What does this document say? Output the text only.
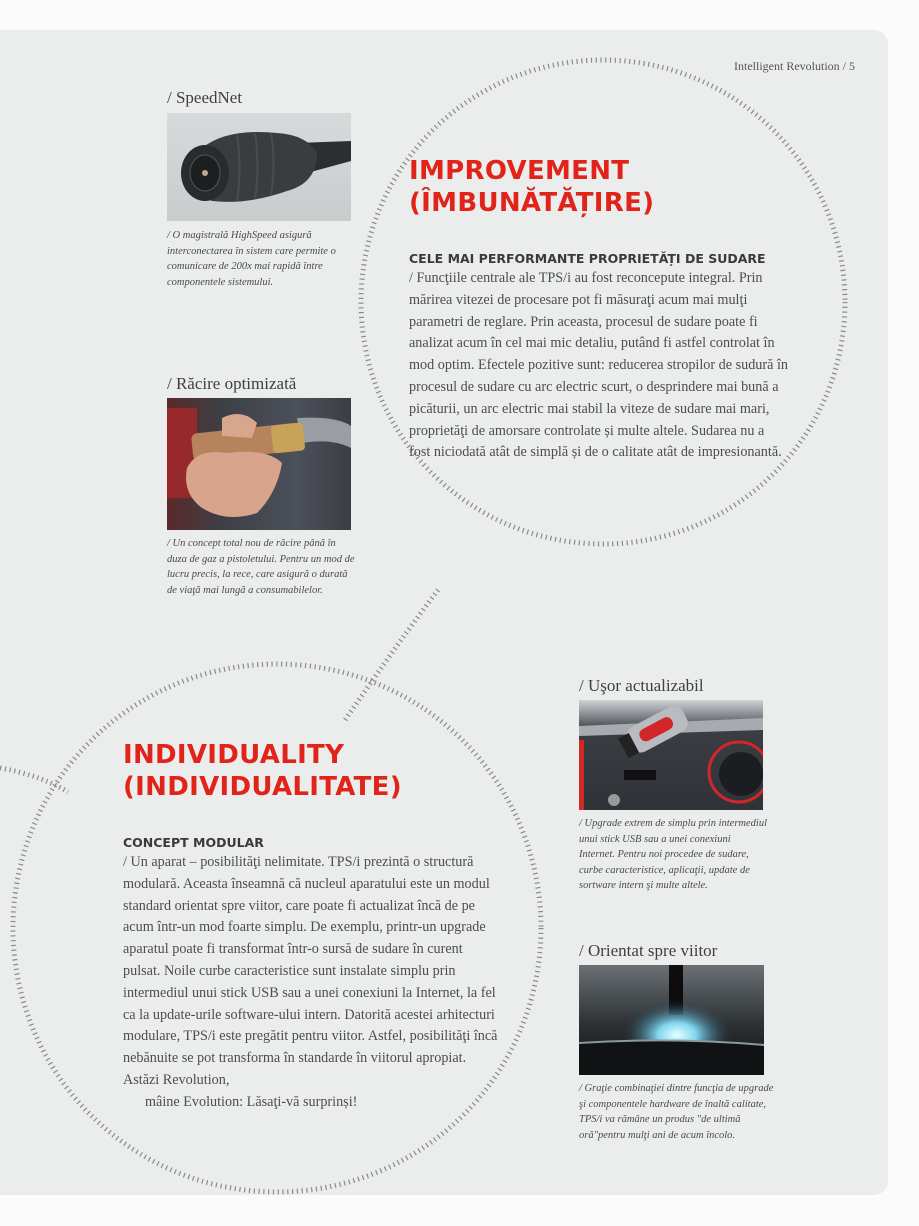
Intelligent Revolution / 5
/ SpeedNet
/ O magistrală HighSpeed asigură interconectarea în sistem care permite o comunicare de 200x mai rapidă între componentele sistemului.
/ Răcire optimizată
/ Un concept total nou de răcire până în duza de gaz a pistoletului. Pentru un mod de lucru precis, la rece, care asigură o durată de viaţă mai lungă a consumabilelor.
/ Uşor actualizabil
/ Upgrade extrem de simplu prin intermediul unui stick USB sau a unei conexiuni Internet. Pentru noi procedee de sudare, curbe caracteristice, aplicaţii, update de sortware intern şi multe altele.
/ Orientat spre viitor
/ Graţie combinaţiei dintre funcţia de upgrade şi componentele hardware de înaltă calitate, TPS/i va rămâne un produs "de ultimă oră"pentru mulţi ani de acum încolo.
IMPROVEMENT
(ÎMBUNĂTĂȚIRE)
CELE MAI PERFORMANTE PROPRIETĂȚI DE SUDARE

/ Funcţiile centrale ale TPS/i au fost reconcepute integral. Prin mărirea vitezei de procesare pot fi măsuraţi acum mai mulţi parametri de reglare. Prin aceasta, procesul de sudare poate fi analizat acum în cel mai mic detaliu, putând fi astfel controlat în mod optim. Efectele pozitive sunt: reducerea stropilor de sudură în procesul de sudare cu arc electric scurt, o desprindere mai bună a picăturii, un arc electric mai stabil la viteze de sudare mai mari, proprietăţi de amorsare controlate și multe altele. Sudarea nu a fost niciodată atât de simplă și de o calitate atât de impresionantă.

INDIVIDUALITY
(INDIVIDUALITATE)
CONCEPT MODULAR

/ Un aparat – posibilităţi nelimitate. TPS/i prezintă o structură modulară. Aceasta înseamnă că nucleul aparatului este un modul standard orientat spre viitor, care poate fi actualizat încă de pe acum într-un mod foarte simplu. De exemplu, printr-un upgrade aparatul poate fi transformat într-o sursă de sudare în curent pulsat. Noile curbe caracteristice sunt instalate simplu prin intermediul unui stick USB sau a unei conexiuni la Internet, la fel ca la update-urile software-ului intern. Datorită acestei arhitecturi modulare, TPS/i este pregătit pentru viitor. Astfel, posibilităţi încă nebănuite se pot transforma în standarde în viitorul apropiat. Astăzi Revolution,
mâine Evolution: Lăsaţi-vă surprinși!
